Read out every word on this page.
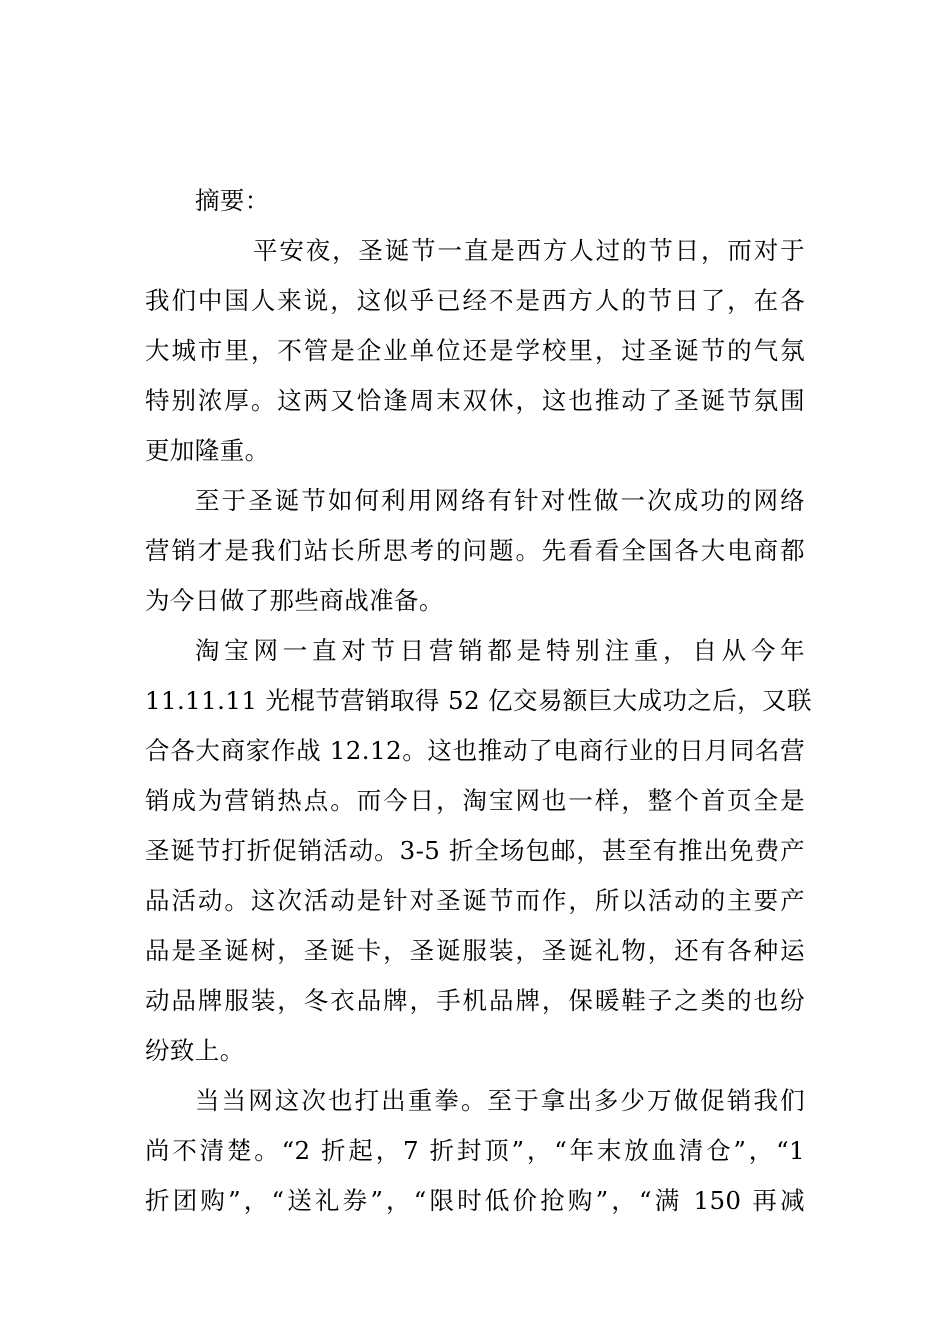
摘要：
平安夜，圣诞节一直是西方人过的节日，而对于
我们中国人来说，这似乎已经不是西方人的节日了，在各
大城市里，不管是企业单位还是学校里，过圣诞节的气氛
特别浓厚。这两又恰逢周末双休，这也推动了圣诞节氛围
更加隆重。
至于圣诞节如何利用网络有针对性做一次成功的网络
营销才是我们站长所思考的问题。先看看全国各大电商都
为今日做了那些商战准备。
淘宝网一直对节日营销都是特别注重，自从今年
11.11.11 光棍节营销取得 52 亿交易额巨大成功之后，又联
合各大商家作战 12.12。这也推动了电商行业的日月同名营
销成为营销热点。而今日，淘宝网也一样，整个首页全是
圣诞节打折促销活动。3-5 折全场包邮，甚至有推出免费产
品活动。这次活动是针对圣诞节而作，所以活动的主要产
品是圣诞树，圣诞卡，圣诞服装，圣诞礼物，还有各种运
动品牌服装，冬衣品牌，手机品牌，保暖鞋子之类的也纷
纷致上。
当当网这次也打出重拳。至于拿出多少万做促销我们
尚不清楚。“2 折起，7 折封顶”，“年末放血清仓”，“1
折团购”，“送礼券”，“限时低价抢购”，“满 150 再减
